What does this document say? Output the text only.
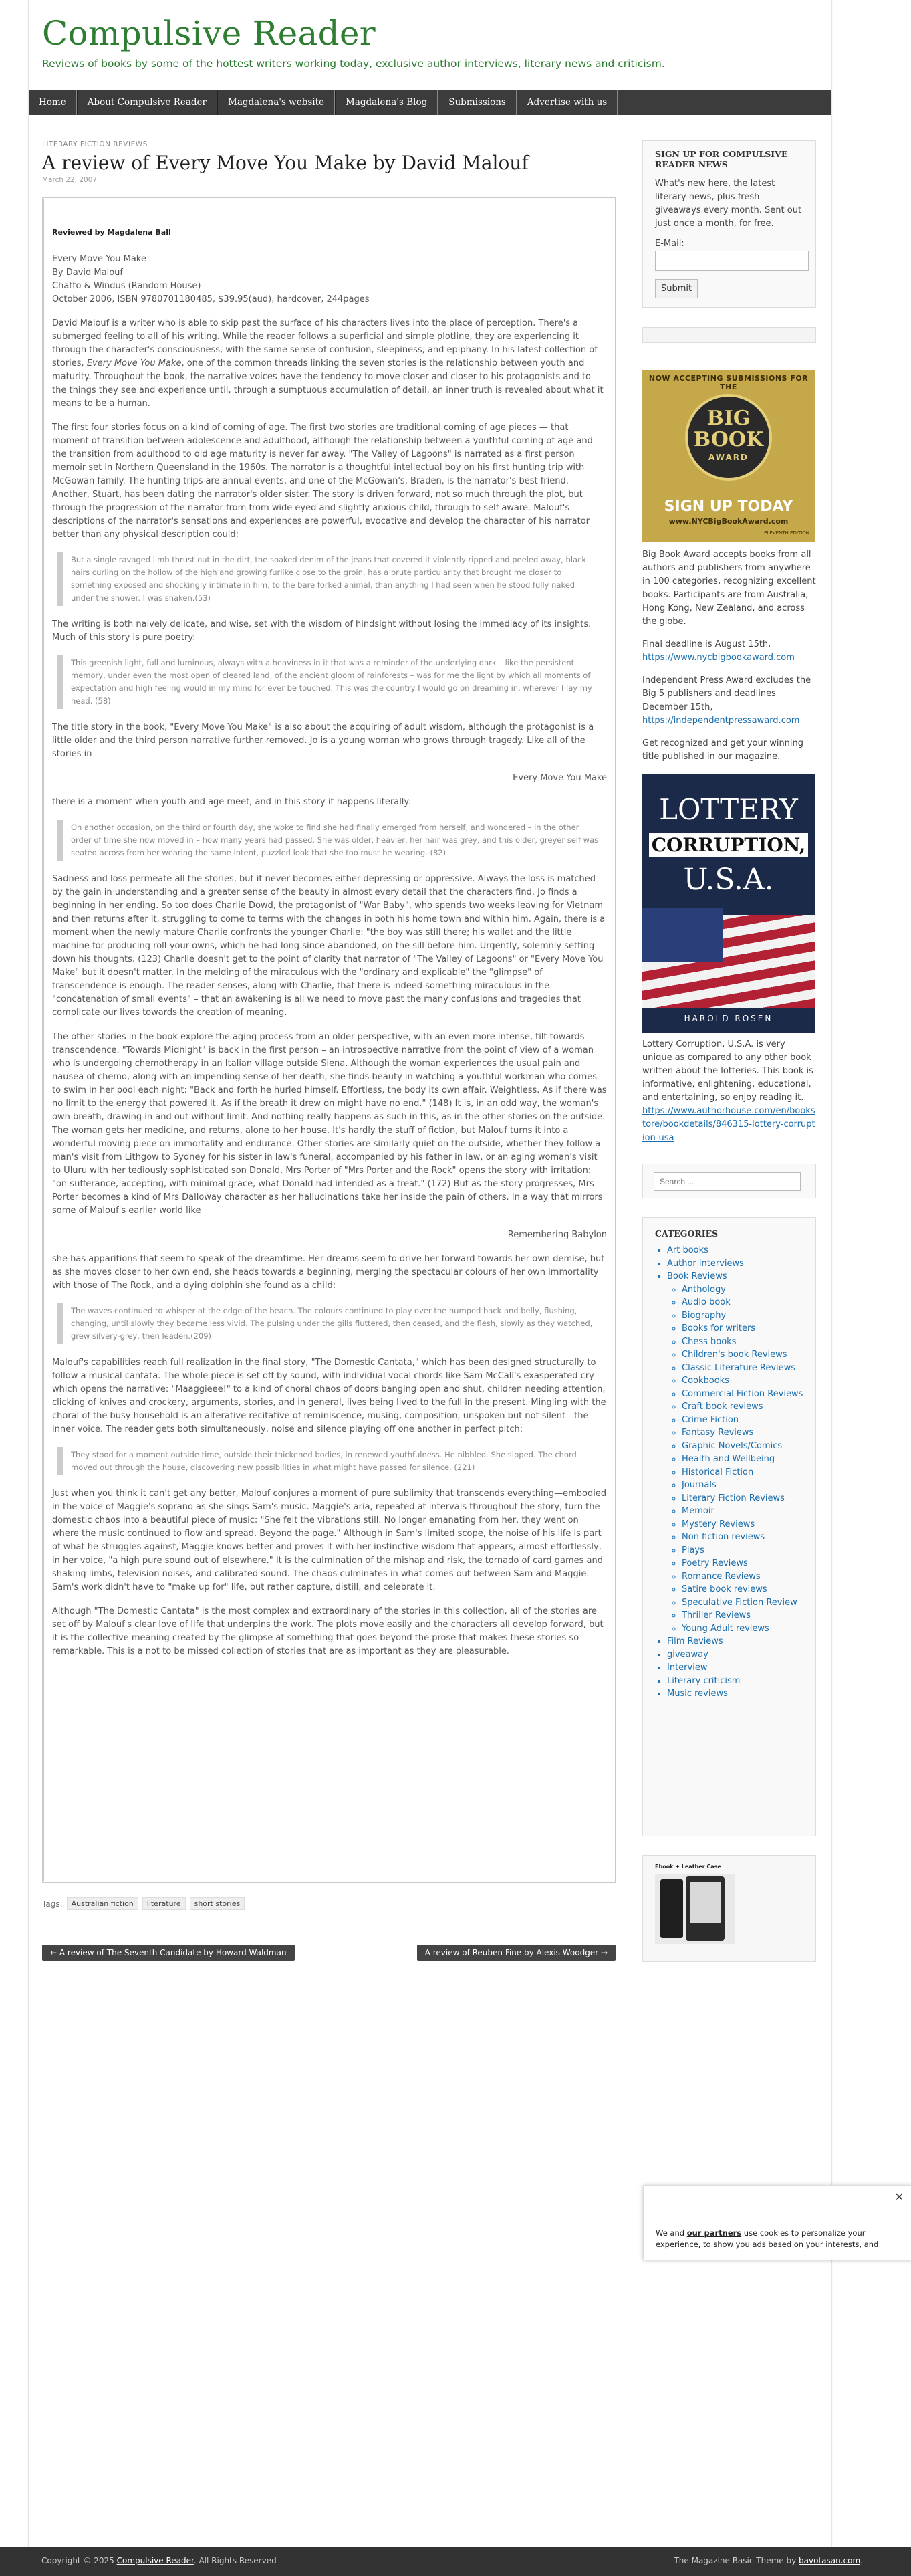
Compulsive Reader
Reviews of books by some of the hottest writers working today, exclusive author interviews, literary news and criticism.
Home	About Compulsive Reader	Magdalena's website	Magdalena's Blog	Submissions	Advertise with us
LITERARY FICTION REVIEWS
A review of Every Move You Make by David Malouf
March 22, 2007
Reviewed by Magdalena Ball

Every Move You Make

By David Malouf

Chatto & Windus (Random House)

October 2006, ISBN 9780701180485, $39.95(aud), hardcover, 244pages

David Malouf is a writer who is able to skip past the surface of his characters lives into the place of perception. There's a submerged feeling to all of his writing. While the reader follows a superficial and simple plotline, they are experiencing it through the character's consciousness, with the same sense of confusion, sleepiness, and epiphany. In his latest collection of stories, Every Move You Make, one of the common threads linking the seven stories is the relationship between youth and maturity. Throughout the book, the narrative voices have the tendency to move closer and closer to his protagonists and to the things they see and experience until, through a sumptuous accumulation of detail, an inner truth is revealed about what it means to be a human.

The first four stories focus on a kind of coming of age. The first two stories are traditional coming of age pieces — that moment of transition between adolescence and adulthood, although the relationship between a youthful coming of age and the transition from adulthood to old age maturity is never far away. "The Valley of Lagoons" is narrated as a first person memoir set in Northern Queensland in the 1960s. The narrator is a thoughtful intellectual boy on his first hunting trip with McGowan family. The hunting trips are annual events, and one of the McGowan's, Braden, is the narrator's best friend. Another, Stuart, has been dating the narrator's older sister. The story is driven forward, not so much through the plot, but through the progression of the narrator from from wide eyed and slightly anxious child, through to self aware. Malouf's descriptions of the narrator's sensations and experiences are powerful, evocative and develop the character of his narrator better than any physical description could:

But a single ravaged limb thrust out in the dirt, the soaked denim of the jeans that covered it violently ripped and peeled away, black hairs curling on the hollow of the high and growing furlike close to the groin, has a brute particularity that brought me closer to something exposed and shockingly intimate in him, to the bare forked animal, than anything I had seen when he stood fully naked under the shower. I was shaken.(53)

The writing is both naively delicate, and wise, set with the wisdom of hindsight without losing the immediacy of its insights. Much of this story is pure poetry:

This greenish light, full and luminous, always with a heaviness in it that was a reminder of the underlying dark – like the persistent memory, under even the most open of cleared land, of the ancient gloom of rainforests – was for me the light by which all moments of expectation and high feeling would in my mind for ever be touched. This was the country I would go on dreaming in, wherever I lay my head. (58)

The title story in the book, "Every Move You Make" is also about the acquiring of adult wisdom, although the protagonist is a little older and the third person narrative further removed. Jo is a young woman who grows through tragedy. Like all of the stories in

– Every Move You Make

there is a moment when youth and age meet, and in this story it happens literally:

On another occasion, on the third or fourth day, she woke to find she had finally emerged from herself, and wondered – in the other order of time she now moved in – how many years had passed. She was older, heavier, her hair was grey, and this older, greyer self was seated across from her wearing the same intent, puzzled look that she too must be wearing. (82)

Sadness and loss permeate all the stories, but it never becomes either depressing or oppressive. Always the loss is matched by the gain in understanding and a greater sense of the beauty in almost every detail that the characters find. Jo finds a beginning in her ending. So too does Charlie Dowd, the protagonist of "War Baby", who spends two weeks leaving for Vietnam and then returns after it, struggling to come to terms with the changes in both his home town and within him. Again, there is a moment when the newly mature Charlie confronts the younger Charlie: "the boy was still there; his wallet and the little machine for producing roll-your-owns, which he had long since abandoned, on the sill before him. Urgently, solemnly setting down his thoughts. (123) Charlie doesn't get to the point of clarity that narrator of "The Valley of Lagoons" or "Every Move You Make" but it doesn't matter. In the melding of the miraculous with the "ordinary and explicable" the "glimpse" of transcendence is enough. The reader senses, along with Charlie, that there is indeed something miraculous in the "concatenation of small events" – that an awakening is all we need to move past the many confusions and tragedies that complicate our lives towards the creation of meaning.

The other stories in the book explore the aging process from an older perspective, with an even more intense, tilt towards transcendence. "Towards Midnight" is back in the first person – an introspective narrative from the point of view of a woman who is undergoing chemotherapy in an Italian village outside Siena. Although the woman experiences the usual pain and nausea of chemo, along with an impending sense of her death, she finds beauty in watching a youthful workman who comes to swim in her pool each night: "Back and forth he hurled himself. Effortless, the body its own affair. Weightless. As if there was no limit to the energy that powered it. As if the breath it drew on might have no end." (148) It is, in an odd way, the woman's own breath, drawing in and out without limit. And nothing really happens as such in this, as in the other stories on the outside. The woman gets her medicine, and returns, alone to her house. It's hardly the stuff of fiction, but Malouf turns it into a wonderful moving piece on immortality and endurance. Other stories are similarly quiet on the outside, whether they follow a man's visit from Lithgow to Sydney for his sister in law's funeral, accompanied by his father in law, or an aging woman's visit to Uluru with her tediously sophisticated son Donald. Mrs Porter of "Mrs Porter and the Rock" opens the story with irritation: "on sufferance, accepting, with minimal grace, what Donald had intended as a treat." (172) But as the story progresses, Mrs Porter becomes a kind of Mrs Dalloway character as her hallucinations take her inside the pain of others. In a way that mirrors some of Malouf's earlier world like

– Remembering Babylon

she has apparitions that seem to speak of the dreamtime. Her dreams seem to drive her forward towards her own demise, but as she moves closer to her own end, she heads towards a beginning, merging the spectacular colours of her own immortality with those of The Rock, and a dying dolphin she found as a child:

The waves continued to whisper at the edge of the beach. The colours continued to play over the humped back and belly, flushing, changing, until slowly they became less vivid. The pulsing under the gills fluttered, then ceased, and the flesh, slowly as they watched, grew silvery-grey, then leaden.(209)

Malouf's capabilities reach full realization in the final story, "The Domestic Cantata," which has been designed structurally to follow a musical cantata. The whole piece is set off by sound, with individual vocal chords like Sam McCall's exasperated cry which opens the narrative: "Maaggieee!" to a kind of choral chaos of doors banging open and shut, children needing attention, clicking of knives and crockery, arguments, stories, and in general, lives being lived to the full in the present. Mingling with the choral of the busy household is an alterative recitative of reminiscence, musing, composition, unspoken but not silent—the inner voice. The reader gets both simultaneously, noise and silence playing off one another in perfect pitch:

They stood for a moment outside time, outside their thickened bodies, in renewed youthfulness. He nibbled. She sipped. The chord moved out through the house, discovering new possibilities in what might have passed for silence. (221)

Just when you think it can't get any better, Malouf conjures a moment of pure sublimity that transcends everything—embodied in the voice of Maggie's soprano as she sings Sam's music. Maggie's aria, repeated at intervals throughout the story, turn the domestic chaos into a beautiful piece of music: "She felt the vibrations still. No longer emanating from her, they went on where the music continued to flow and spread. Beyond the page." Although in Sam's limited scope, the noise of his life is part of what he struggles against, Maggie knows better and proves it with her instinctive wisdom that appears, almost effortlessly, in her voice, "a high pure sound out of elsewhere." It is the culmination of the mishap and risk, the tornado of card games and shaking limbs, television noises, and calibrated sound. The chaos culminates in what comes out between Sam and Maggie. Sam's work didn't have to "make up for" life, but rather capture, distill, and celebrate it.

Although "The Domestic Cantata" is the most complex and extraordinary of the stories in this collection, all of the stories are set off by Malouf's clear love of life that underpins the work. The plots move easily and the characters all develop forward, but it is the collective meaning created by the glimpse at something that goes beyond the prose that makes these stories so remarkable. This is a not to be missed collection of stories that are as important as they are pleasurable.

Tags:	Australian fiction	literature	short stories
← A review of The Seventh Candidate by Howard Waldman	A review of Reuben Fine by Alexis Woodger →
SIGN UP FOR COMPULSIVE READER NEWS
What's new here, the latest literary news, plus fresh giveaways every month. Sent out just once a month, for free.
E-Mail:
Submit
NOW ACCEPTING SUBMISSIONS FOR THE
BIG
BOOK
AWARD
SIGN UP TODAY
www.NYCBigBookAward.com
ELEVENTH EDITION
Big Book Award accepts books from all authors and publishers from anywhere in 100 categories, recognizing excellent books. Participants are from Australia, Hong Kong, New Zealand, and across the globe.
Final deadline is August 15th,
https://www.nycbigbookaward.com
Independent Press Award excludes the Big 5 publishers and deadlines December 15th,
https://independentpressaward.com
Get recognized and get your winning title published in our magazine.
LOTTERY
CORRUPTION,
U.S.A.
HAROLD ROSEN
Lottery Corruption, U.S.A. is very unique as compared to any other book written about the lotteries. This book is informative, enlightening, educational, and entertaining, so enjoy reading it.
https://www.authorhouse.com/en/bookstore/bookdetails/846315-lottery-corruption-usa
Search ...
CATEGORIES
• Art books
• Author interviews
• Book Reviews
◦ Anthology
◦ Audio book
◦ Biography
◦ Books for writers
◦ Chess books
◦ Children's book Reviews
◦ Classic Literature Reviews
◦ Cookbooks
◦ Commercial Fiction Reviews
◦ Craft book reviews
◦ Crime Fiction
◦ Fantasy Reviews
◦ Graphic Novels/Comics
◦ Health and Wellbeing
◦ Historical Fiction
◦ Journals
◦ Literary Fiction Reviews
◦ Memoir
◦ Mystery Reviews
◦ Non fiction reviews
◦ Plays
◦ Poetry Reviews
◦ Romance Reviews
◦ Satire book reviews
◦ Speculative Fiction Review
◦ Thriller Reviews
◦ Young Adult reviews
• Film Reviews
• giveaway
• Interview
• Literary criticism
• Music reviews
Ebook + Leather Case
✕
We and our partners use cookies to personalize your experience, to show you ads based on your interests, and
Copyright © 2025 Compulsive Reader. All Rights Reserved	The Magazine Basic Theme by bavotasan.com.
